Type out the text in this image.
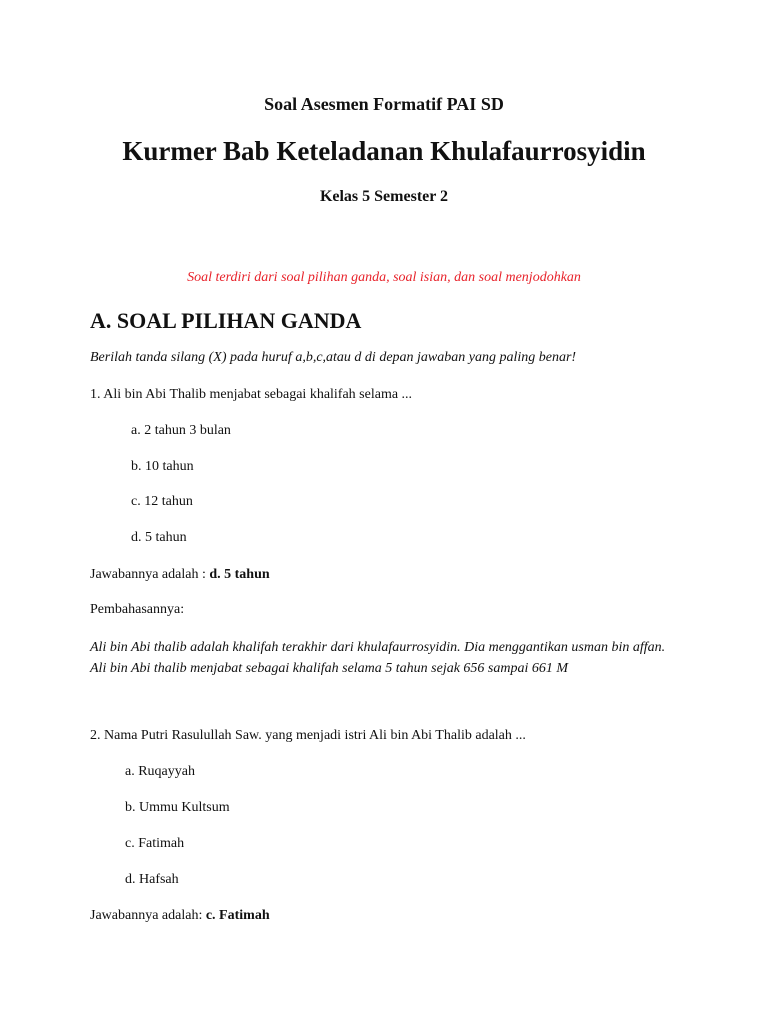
Soal Asesmen Formatif PAI SD
Kurmer Bab Keteladanan Khulafaurrosyidin
Kelas 5 Semester 2
Soal terdiri dari soal pilihan ganda, soal isian, dan soal menjodohkan
A. SOAL PILIHAN GANDA
Berilah tanda silang (X) pada huruf a,b,c,atau d di depan jawaban yang paling benar!
1. Ali bin Abi Thalib menjabat sebagai khalifah selama ...
a. 2 tahun 3 bulan
b. 10 tahun
c. 12 tahun
d. 5 tahun
Jawabannya adalah : d. 5 tahun
Pembahasannya:

Ali bin Abi thalib adalah khalifah terakhir dari khulafaurrosyidin. Dia menggantikan usman bin affan. Ali bin Abi thalib menjabat sebagai khalifah selama 5 tahun sejak 656 sampai 661 M

2. Nama Putri Rasulullah Saw. yang menjadi istri Ali bin Abi Thalib adalah ...
a. Ruqayyah
b. Ummu Kultsum
c. Fatimah
d. Hafsah
Jawabannya adalah: c. Fatimah
